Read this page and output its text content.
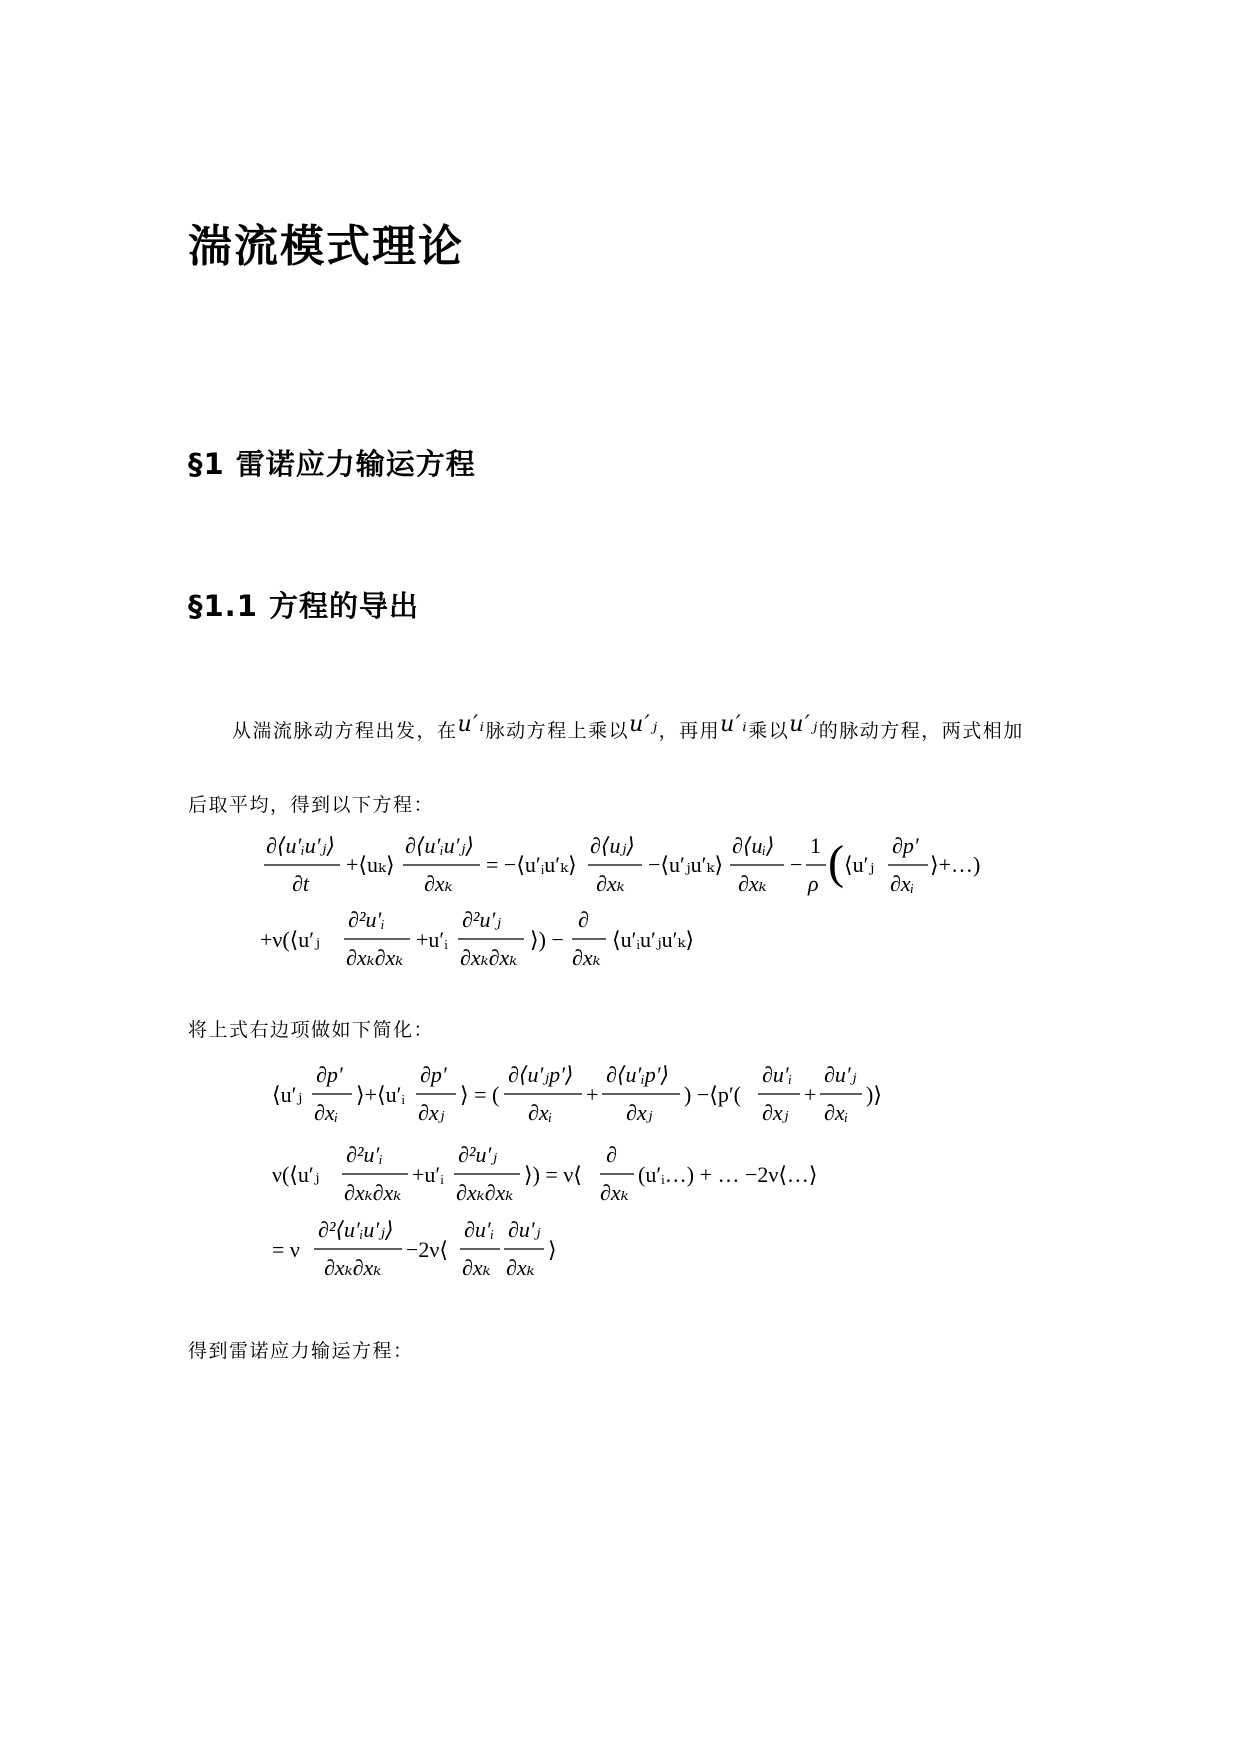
湍流模式理论
§1 雷诺应力输运方程
§1.1 方程的导出
从湍流脉动方程出发，在u′ᵢ脉动方程上乘以u′ⱼ，再用u′ᵢ乘以u′ⱼ的脉动方程，两式相加
后取平均，得到以下方程：
∂⟨u′ᵢu′ⱼ⟩
∂t
+⟨uₖ⟩
∂⟨u′ᵢu′ⱼ⟩
∂xₖ
= −⟨u′ᵢu′ₖ⟩
∂⟨uⱼ⟩
∂xₖ
−⟨u′ⱼu′ₖ⟩
∂⟨uᵢ⟩
∂xₖ
−
1
ρ ( ⟨u′ⱼ
∂p′
∂xᵢ
⟩+…)
+ν(⟨u′ⱼ
∂²u′ᵢ
∂xₖ∂xₖ
+u′ᵢ
∂²u′ⱼ
∂xₖ∂xₖ
⟩) −
∂
∂xₖ
⟨u′ᵢu′ⱼu′ₖ⟩
将上式右边项做如下简化：
⟨u′ⱼ
∂p′
∂xᵢ
⟩+⟨u′ᵢ
∂p′
∂xⱼ
⟩ = (
∂⟨u′ⱼp′⟩
∂xᵢ
+
∂⟨u′ᵢp′⟩
∂xⱼ
) −⟨p′(
∂u′ᵢ
∂xⱼ
+
∂u′ⱼ
∂xᵢ
)⟩
ν(⟨u′ⱼ
∂²u′ᵢ
∂xₖ∂xₖ
+u′ᵢ
∂²u′ⱼ
∂xₖ∂xₖ
⟩) = ν⟨
∂
∂xₖ
(u′ᵢ…) + … −2ν⟨…⟩
= ν
∂²⟨u′ᵢu′ⱼ⟩
∂xₖ∂xₖ
−2ν⟨
∂u′ᵢ
∂xₖ
∂u′ⱼ
∂xₖ
⟩
得到雷诺应力输运方程：
